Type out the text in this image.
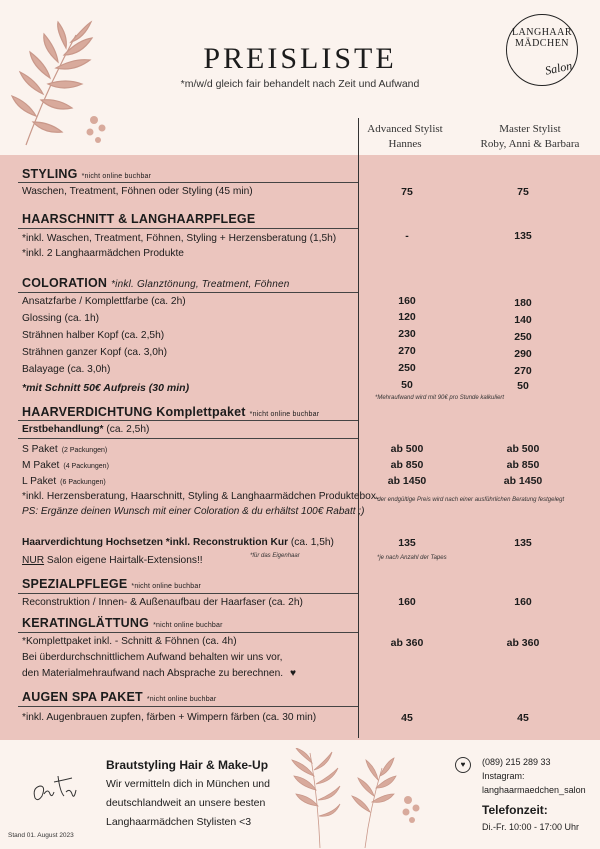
PREISLISTE
*m/w/d gleich fair behandelt nach Zeit und Aufwand
LANGHAAR
MÄDCHEN
Salon
Advanced Stylist
Hannes
Master Stylist
Roby, Anni & Barbara
STYLING *nicht online buchbar
Waschen, Treatment, Föhnen oder Styling (45 min)	75	75
HAARSCHNITT & LANGHAARPFLEGE
*inkl. Waschen, Treatment, Föhnen, Styling + Herzensberatung (1,5h)
*inkl. 2 Langhaarmädchen Produkte
-	135
COLORATION *inkl. Glanztönung, Treatment, Föhnen
Ansatzfarbe / Komplettfarbe (ca. 2h)	160	180
Glossing (ca. 1h)	120	140
Strähnen halber Kopf (ca. 2,5h)	230	250
Strähnen ganzer Kopf (ca. 3,0h)	270	290
Balayage (ca. 3,0h)	250	270
*mit Schnitt 50€ Aufpreis (30 min)	50	50
*Mehraufwand wird mit 90€ pro Stunde kalkuliert
HAARVERDICHTUNG Komplettpaket *nicht online buchbar
Erstbehandlung* (ca. 2,5h)
S Paket (2 Packungen)	ab 500	ab 500
M Paket (4 Packungen)	ab 850	ab 850
L Paket (6 Packungen)	ab 1450	ab 1450
*inkl. Herzensberatung, Haarschnitt, Styling & Langhaarmädchen Produktebox.
*der endgültige Preis wird nach einer ausführlichen Beratung festgelegt
PS: Ergänze deinen Wunsch mit einer Coloration & du erhältst 100€ Rabatt ;)
Haarverdichtung Hochsetzen *inkl. Reconstruktion Kur (ca. 1,5h)	135	135
NUR Salon eigene Hairtalk-Extensions!!	*für das Eigenhaar	*je nach Anzahl der Tapes
SPEZIALPFLEGE *nicht online buchbar
Reconstruktion / Innen- & Außenaufbau der Haarfaser (ca. 2h)	160	160
KERATINGLÄTTUNG *nicht online buchbar
*Komplettpaket inkl. - Schnitt & Föhnen (ca. 4h)
Bei überdurchschnittlichem Aufwand behalten wir uns vor,
den Materialmehraufwand nach Absprache zu berechnen. ♥
ab 360	ab 360
AUGEN SPA PAKET *nicht online buchbar
*inkl. Augenbrauen zupfen, färben + Wimpern färben (ca. 30 min)	45	45
Brautstyling Hair & Make-Up
Wir vermitteln dich in München und
deutschlandweit an unsere besten
Langhaarmädchen Stylisten <3
♥	(089) 215 289 33
Instagram:
langhaarmaedchen_salon
Telefonzeit:
Di.-Fr. 10:00 - 17:00 Uhr
Stand 01. August 2023
